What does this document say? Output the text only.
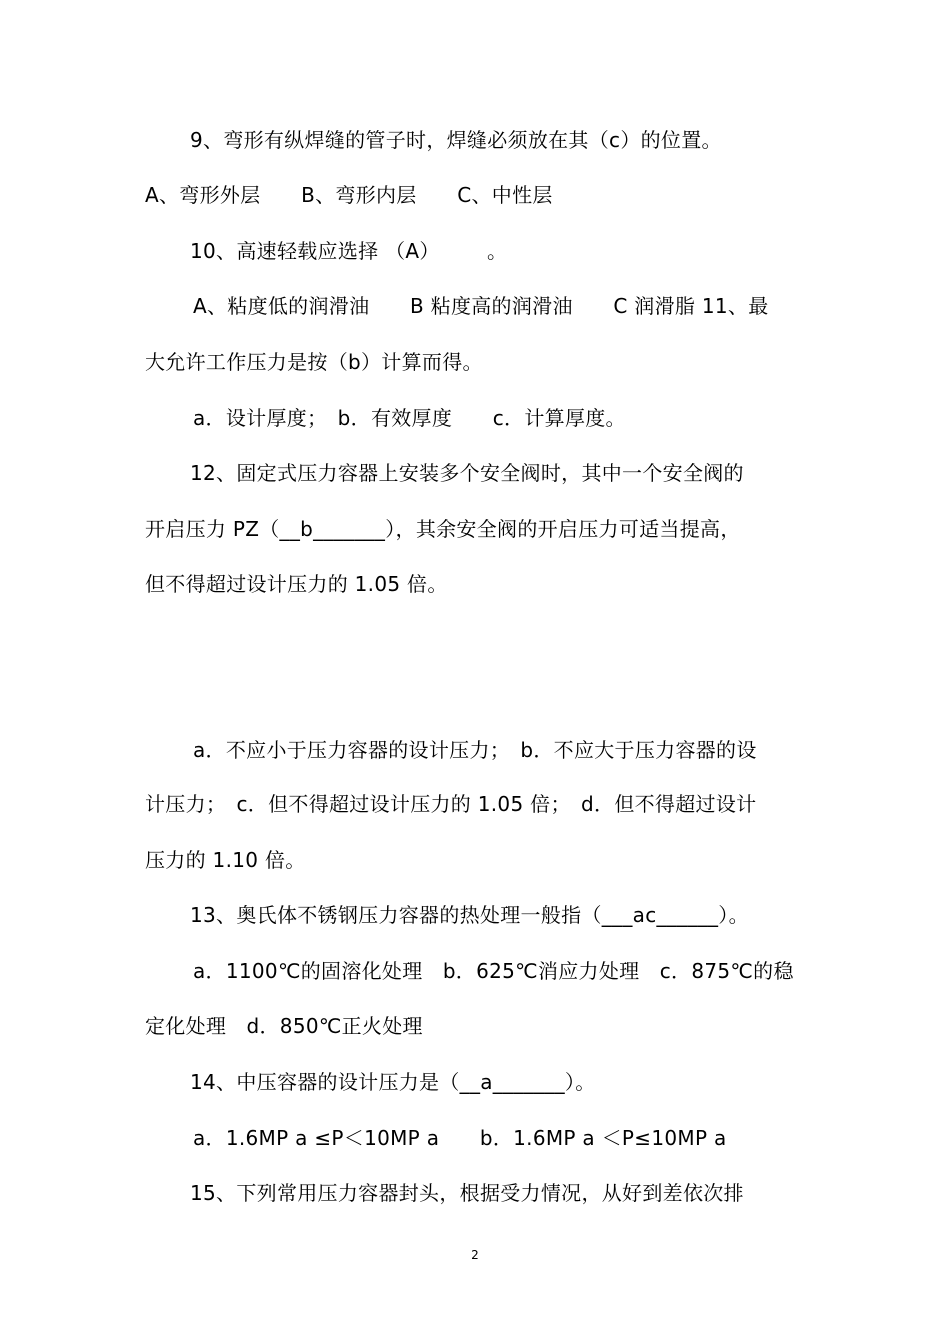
9、弯形有纵焊缝的管子时，焊缝必须放在其（c）的位置。
A、弯形外层　　B、弯形内层　　C、中性层
10、高速轻载应选择 （A） 　　。
A、粘度低的润滑油　　B 粘度高的润滑油　　C 润滑脂 11、最
大允许工作压力是按（b）计算而得。
a．设计厚度；　b．有效厚度　　c．计算厚度。
12、固定式压力容器上安装多个安全阀时，其中一个安全阀的
开启压力 PZ（__b_______），其余安全阀的开启压力可适当提高，
但不得超过设计压力的 1.05 倍。
a．不应小于压力容器的设计压力；　b．不应大于压力容器的设
计压力；　c．但不得超过设计压力的 1.05 倍；　d．但不得超过设计
压力的 1.10 倍。
13、奥氏体不锈钢压力容器的热处理一般指（___ac______）。
a．1100℃的固溶化处理　b．625℃消应力处理　c．875℃的稳
定化处理　d．850℃正火处理
14、中压容器的设计压力是（__a_______）。
a．1.6MP a ≤P＜10MP a　　b．1.6MP a ＜P≤10MP a
15、下列常用压力容器封头，根据受力情况，从好到差依次排
2
